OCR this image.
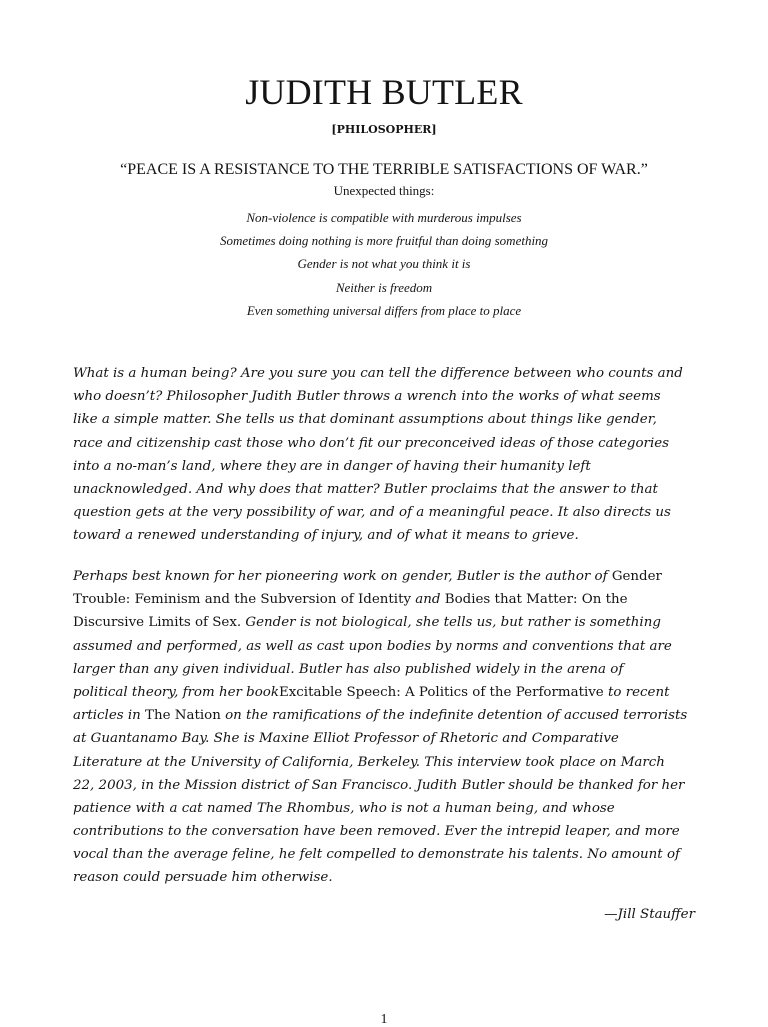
JUDITH BUTLER
[PHILOSOPHER]
“PEACE IS A RESISTANCE TO THE TERRIBLE SATISFACTIONS OF WAR.”
Unexpected things:
Non-violence is compatible with murderous impulses
Sometimes doing nothing is more fruitful than doing something
Gender is not what you think it is
Neither is freedom
Even something universal differs from place to place
What is a human being? Are you sure you can tell the difference between who counts and
who doesn’t? Philosopher Judith Butler throws a wrench into the works of what seems
like a simple matter. She tells us that dominant assumptions about things like gender,
race and citizenship cast those who don’t fit our preconceived ideas of those categories
into a no-man’s land, where they are in danger of having their humanity left
unacknowledged. And why does that matter? Butler proclaims that the answer to that
question gets at the very possibility of war, and of a meaningful peace. It also directs us
toward a renewed understanding of injury, and of what it means to grieve.
Perhaps best known for her pioneering work on gender, Butler is the author of Gender
Trouble: Feminism and the Subversion of Identity and Bodies that Matter: On the
Discursive Limits of Sex. Gender is not biological, she tells us, but rather is something
assumed and performed, as well as cast upon bodies by norms and conventions that are
larger than any given individual. Butler has also published widely in the arena of
political theory, from her bookExcitable Speech: A Politics of the Performative to recent
articles in The Nation on the ramifications of the indefinite detention of accused terrorists
at Guantanamo Bay. She is Maxine Elliot Professor of Rhetoric and Comparative
Literature at the University of California, Berkeley. This interview took place on March
22, 2003, in the Mission district of San Francisco. Judith Butler should be thanked for her
patience with a cat named The Rhombus, who is not a human being, and whose
contributions to the conversation have been removed. Ever the intrepid leaper, and more
vocal than the average feline, he felt compelled to demonstrate his talents. No amount of
reason could persuade him otherwise.
—Jill Stauffer
1
